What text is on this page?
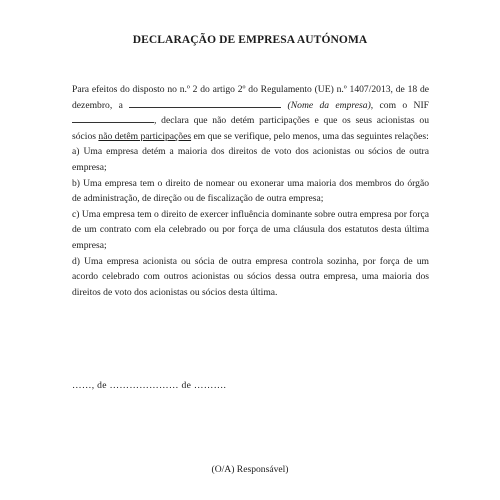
DECLARAÇÃO DE EMPRESA AUTÓNOMA

Para efeitos do disposto no n.º 2 do artigo 2º do Regulamento (UE) n.º 1407/2013, de 18 de dezembro, a	(Nome da empresa), com o NIF , declara que não detém participações e que os seus acionistas ou sócios não detêm participações em que se verifique, pelo menos, uma das seguintes relações:

a) Uma empresa detém a maioria dos direitos de voto dos acionistas ou sócios de outra empresa;

b) Uma empresa tem o direito de nomear ou exonerar uma maioria dos membros do órgão de administração, de direção ou de fiscalização de outra empresa;

c) Uma empresa tem o direito de exercer influência dominante sobre outra empresa por força de um contrato com ela celebrado ou por força de uma cláusula dos estatutos desta última empresa;

d) Uma empresa acionista ou sócia de outra empresa controla sozinha, por força de um acordo celebrado com outros acionistas ou sócios dessa outra empresa, uma maioria dos direitos de voto dos acionistas ou sócios desta última.

……, de ………………… de ……….
(O/A) Responsável)
